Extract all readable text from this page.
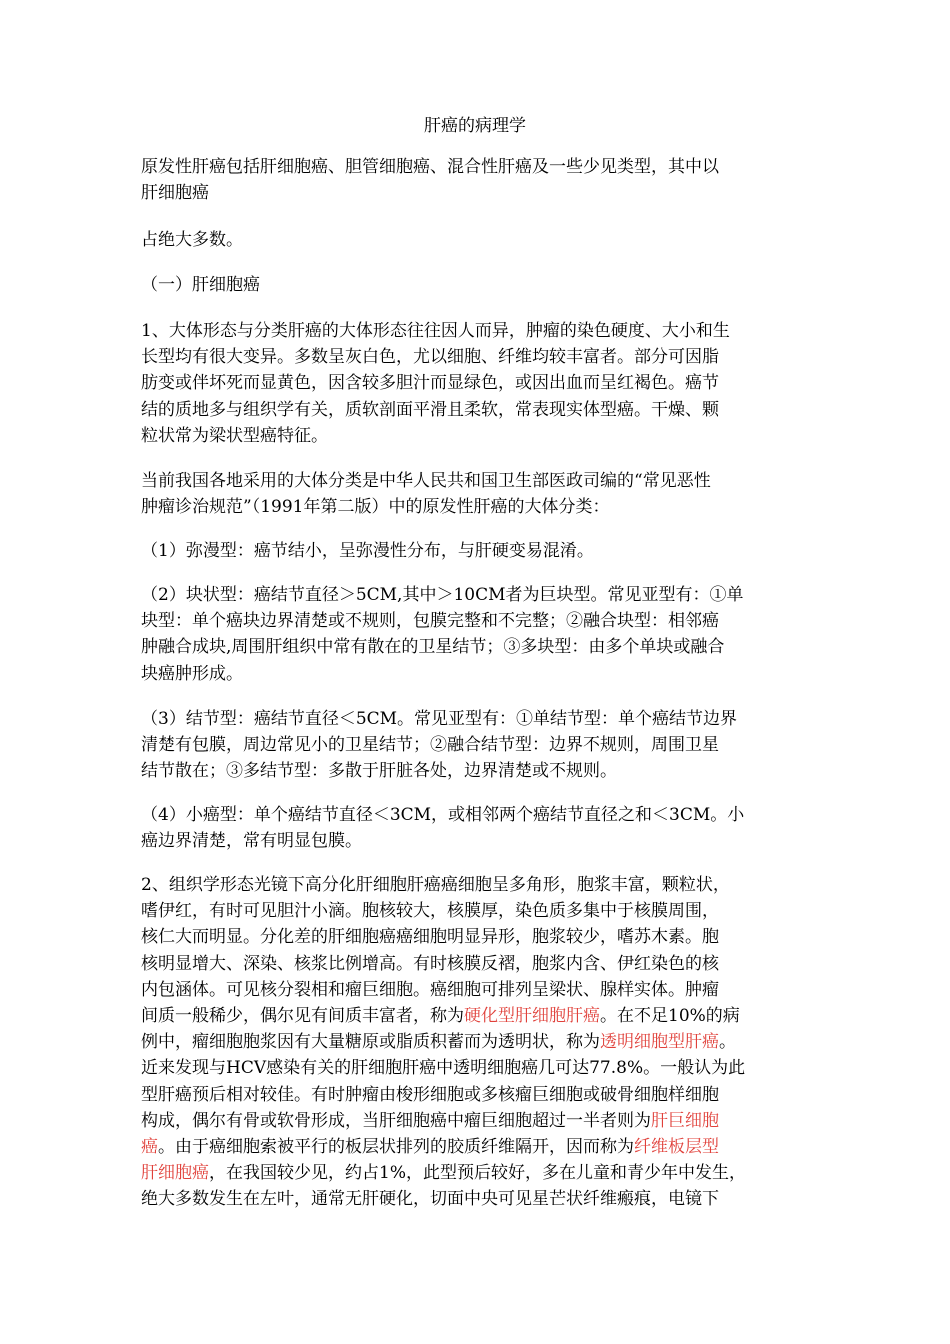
肝癌的病理学
原发性肝癌包括肝细胞癌、胆管细胞癌、混合性肝癌及一些少见类型，其中以
肝细胞癌
占绝大多数。
（一）肝细胞癌
1、大体形态与分类肝癌的大体形态往往因人而异，肿瘤的染色硬度、大小和生
长型均有很大变异。多数呈灰白色，尤以细胞、纤维均较丰富者。部分可因脂
肪变或伴坏死而显黄色，因含较多胆汁而显绿色，或因出血而呈红褐色。癌节
结的质地多与组织学有关，质软剖面平滑且柔软，常表现实体型癌。干燥、颗
粒状常为梁状型癌特征。
当前我国各地采用的大体分类是中华人民共和国卫生部医政司编的“常见恶性
肿瘤诊治规范”（1991年第二版）中的原发性肝癌的大体分类：
（1）弥漫型：癌节结小，呈弥漫性分布，与肝硬变易混淆。
（2）块状型：癌结节直径＞5CM,其中＞10CM者为巨块型。常见亚型有：①单
块型：单个癌块边界清楚或不规则，包膜完整和不完整；②融合块型：相邻癌
肿融合成块,周围肝组织中常有散在的卫星结节；③多块型：由多个单块或融合
块癌肿形成。
（3）结节型：癌结节直径＜5CM。常见亚型有：①单结节型：单个癌结节边界
清楚有包膜，周边常见小的卫星结节；②融合结节型：边界不规则，周围卫星
结节散在；③多结节型：多散于肝脏各处，边界清楚或不规则。
（4）小癌型：单个癌结节直径＜3CM，或相邻两个癌结节直径之和＜3CM。小
癌边界清楚，常有明显包膜。
2、组织学形态光镜下高分化肝细胞肝癌癌细胞呈多角形，胞浆丰富，颗粒状，
嗜伊红，有时可见胆汁小滴。胞核较大，核膜厚，染色质多集中于核膜周围，
核仁大而明显。分化差的肝细胞癌癌细胞明显异形，胞浆较少，嗜苏木素。胞
核明显增大、深染、核浆比例增高。有时核膜反褶，胞浆内含、伊红染色的核
内包涵体。可见核分裂相和瘤巨细胞。癌细胞可排列呈梁状、腺样实体。肿瘤
间质一般稀少，偶尔见有间质丰富者，称为硬化型肝细胞肝癌。在不足10%的病
例中，瘤细胞胞浆因有大量糖原或脂质积蓄而为透明状，称为透明细胞型肝癌。
近来发现与HCV感染有关的肝细胞肝癌中透明细胞癌几可达77.8%。一般认为此
型肝癌预后相对较佳。有时肿瘤由梭形细胞或多核瘤巨细胞或破骨细胞样细胞
构成，偶尔有骨或软骨形成，当肝细胞癌中瘤巨细胞超过一半者则为肝巨细胞
癌。由于癌细胞索被平行的板层状排列的胶质纤维隔开，因而称为纤维板层型
肝细胞癌，在我国较少见，约占1%，此型预后较好，多在儿童和青少年中发生，
绝大多数发生在左叶，通常无肝硬化，切面中央可见星芒状纤维瘢痕，电镜下
